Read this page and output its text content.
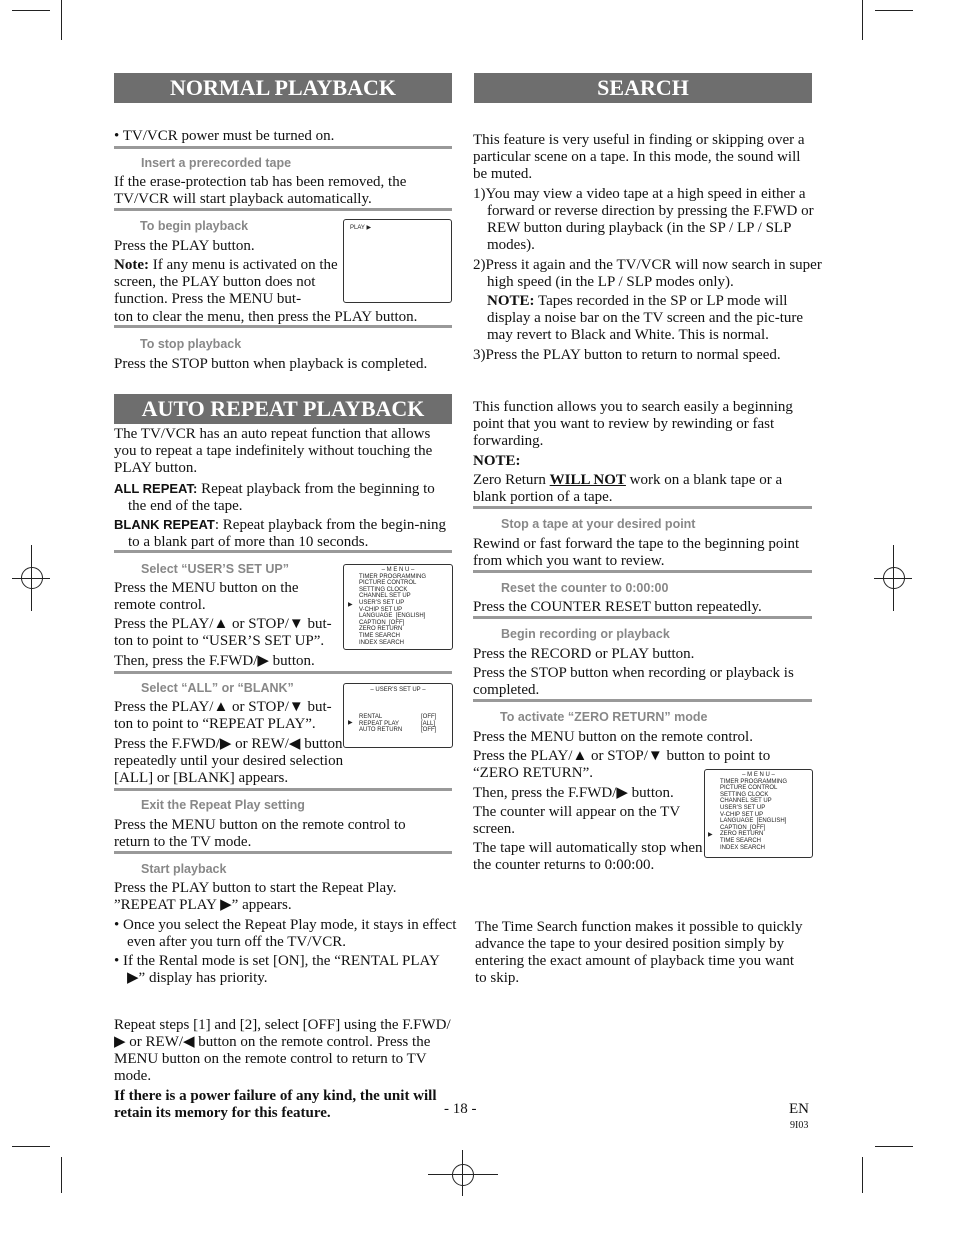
NORMAL PLAYBACK
• TV/VCR power must be turned on.
Insert a prerecorded tape
If the erase-protection tab has been removed, the TV/VCR will start playback automatically.
To begin playback
Press the PLAY button.
Note: If any menu is activated on the screen, the PLAY button does not function. Press the MENU but-
ton to clear the menu, then press the PLAY button.
PLAY ▶
To stop playback
Press the STOP button when playback is completed.
AUTO REPEAT PLAYBACK
The TV/VCR has an auto repeat function that allows you to repeat a tape indefinitely without touching the PLAY button.
ALL REPEAT: Repeat playback from the beginning to the end of the tape.
BLANK REPEAT: Repeat playback from the begin-ning to a blank part of more than 10 seconds.
Select “USER’S SET UP”
Press the MENU button on the remote control.
Press the PLAY/▲ or STOP/▼ but-ton to point to “USER’S SET UP”.
Then, press the F.FWD/▶ button.
– M E N U –
TIMER PROGRAMMING
PICTURE CONTROL
SETTING CLOCK
CHANNEL SET UP
USER’S SET UP
V-CHIP SET UP
LANGUAGE  [ENGLISH]
CAPTION  [OFF]
ZERO RETURN
TIME SEARCH
INDEX SEARCH
▶
Select “ALL” or “BLANK”
Press the PLAY/▲ or STOP/▼ but-ton to point to “REPEAT PLAY”.
Press the F.FWD/▶ or REW/◀ button repeatedly until your desired selection [ALL] or [BLANK] appears.
– USER’S SET UP –
RENTAL
REPEAT PLAY
AUTO RETURN
[OFF]
[ALL]
[OFF]
▶
Exit the Repeat Play setting
Press the MENU button on the remote control to return to the TV mode.
Start playback
Press the PLAY button to start the Repeat Play. ”REPEAT PLAY ▶” appears.
• Once you select the Repeat Play mode, it stays in effect even after you turn off the TV/VCR.
• If the Rental mode is set [ON], the “RENTAL PLAY ▶” display has priority.
Repeat steps [1] and [2], select [OFF] using the F.FWD/▶ or REW/◀ button on the remote control. Press the MENU button on the remote control to return to TV mode.
If there is a power failure of any kind, the unit will retain its memory for this feature.
SEARCH
This feature is very useful in finding or skipping over a particular scene on a tape. In this mode, the sound will be muted.
1)You may view a video tape at a high speed in either a forward or reverse direction by pressing the F.FWD or REW button during playback (in the SP / LP / SLP modes).
2)Press it again and the TV/VCR will now search in super high speed (in the LP / SLP modes only).
NOTE: Tapes recorded in the SP or LP mode will display a noise bar on the TV screen and the pic-ture may revert to Black and White. This is normal.
3)Press the PLAY button to return to normal speed.
This function allows you to search easily a beginning point that you want to review by rewinding or fast forwarding.
NOTE:
Zero Return WILL NOT work on a blank tape or a blank portion of a tape.
Stop a tape at your desired point
Rewind or fast forward the tape to the beginning point from which you want to review.
Reset the counter to 0:00:00
Press the COUNTER RESET button repeatedly.
Begin recording or playback
Press the RECORD or PLAY button.
Press the STOP button when recording or playback is completed.
To activate “ZERO RETURN” mode
Press the MENU button on the remote control.
Press the PLAY/▲ or STOP/▼ button to point to “ZERO RETURN”.
Then, press the F.FWD/▶ button.
The counter will appear on the TV screen.
The tape will automatically stop when the counter returns to 0:00:00.
– M E N U –
TIMER PROGRAMMING
PICTURE CONTROL
SETTING CLOCK
CHANNEL SET UP
USER’S SET UP
V-CHIP SET UP
LANGUAGE  [ENGLISH]
CAPTION  [OFF]
ZERO RETURN
TIME SEARCH
INDEX SEARCH
▶
The Time Search function makes it possible to quickly advance the tape to your desired position simply by entering the exact amount of playback time you want to skip.
- 18 -	EN
9I03
